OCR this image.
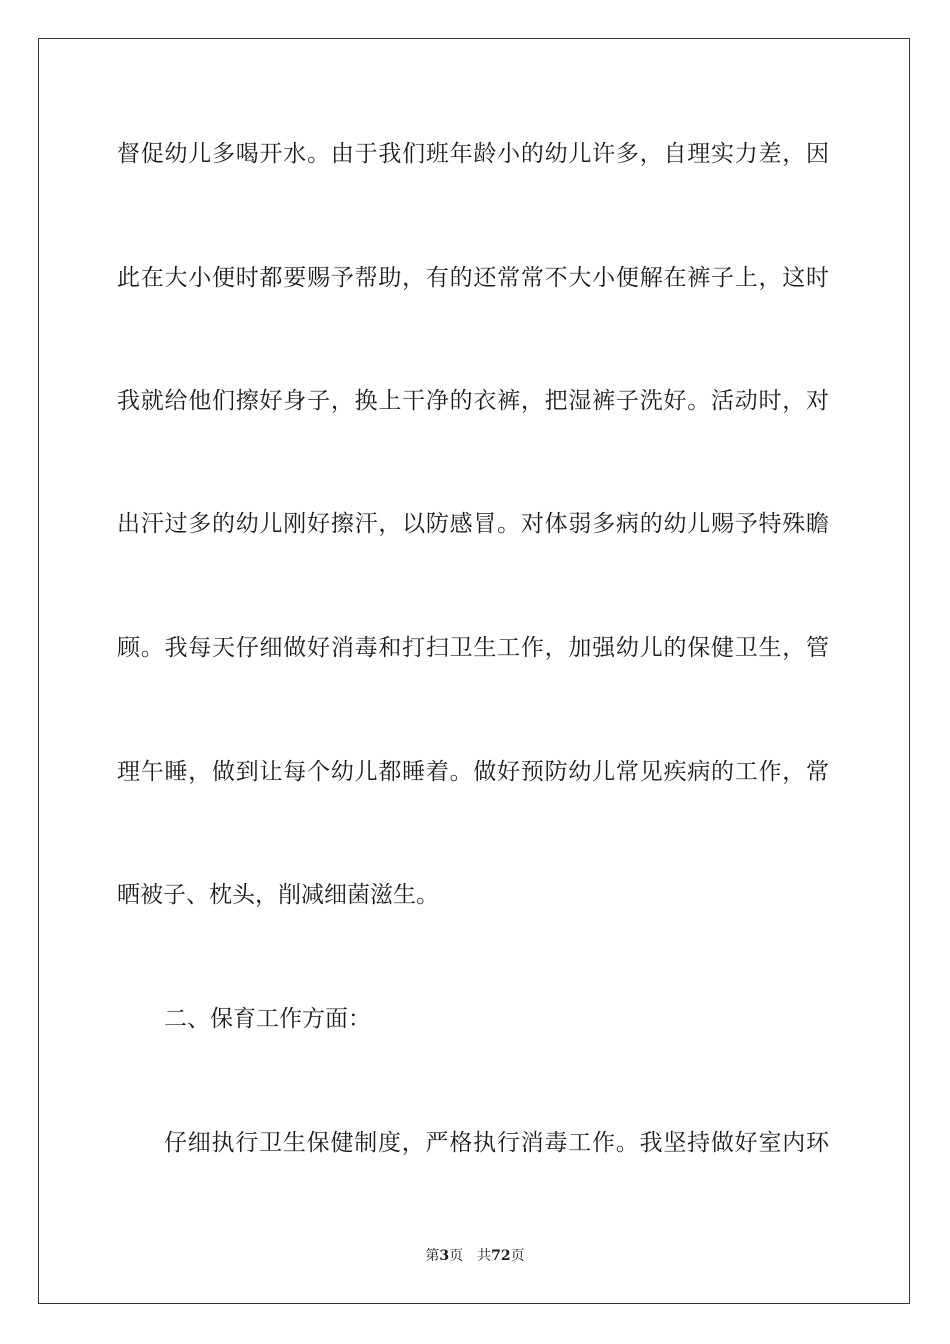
督促幼儿多喝开水。由于我们班年龄小的幼儿许多，自理实力差，因
此在大小便时都要赐予帮助，有的还常常不大小便解在裤子上，这时
我就给他们擦好身子，换上干净的衣裤，把湿裤子洗好。活动时，对
出汗过多的幼儿刚好擦汗，以防感冒。对体弱多病的幼儿赐予特殊瞻
顾。我每天仔细做好消毒和打扫卫生工作，加强幼儿的保健卫生，管
理午睡，做到让每个幼儿都睡着。做好预防幼儿常见疾病的工作，常
晒被子、枕头，削减细菌滋生。
二、保育工作方面：
仔细执行卫生保健制度，严格执行消毒工作。我坚持做好室内环
第3页 共72页
